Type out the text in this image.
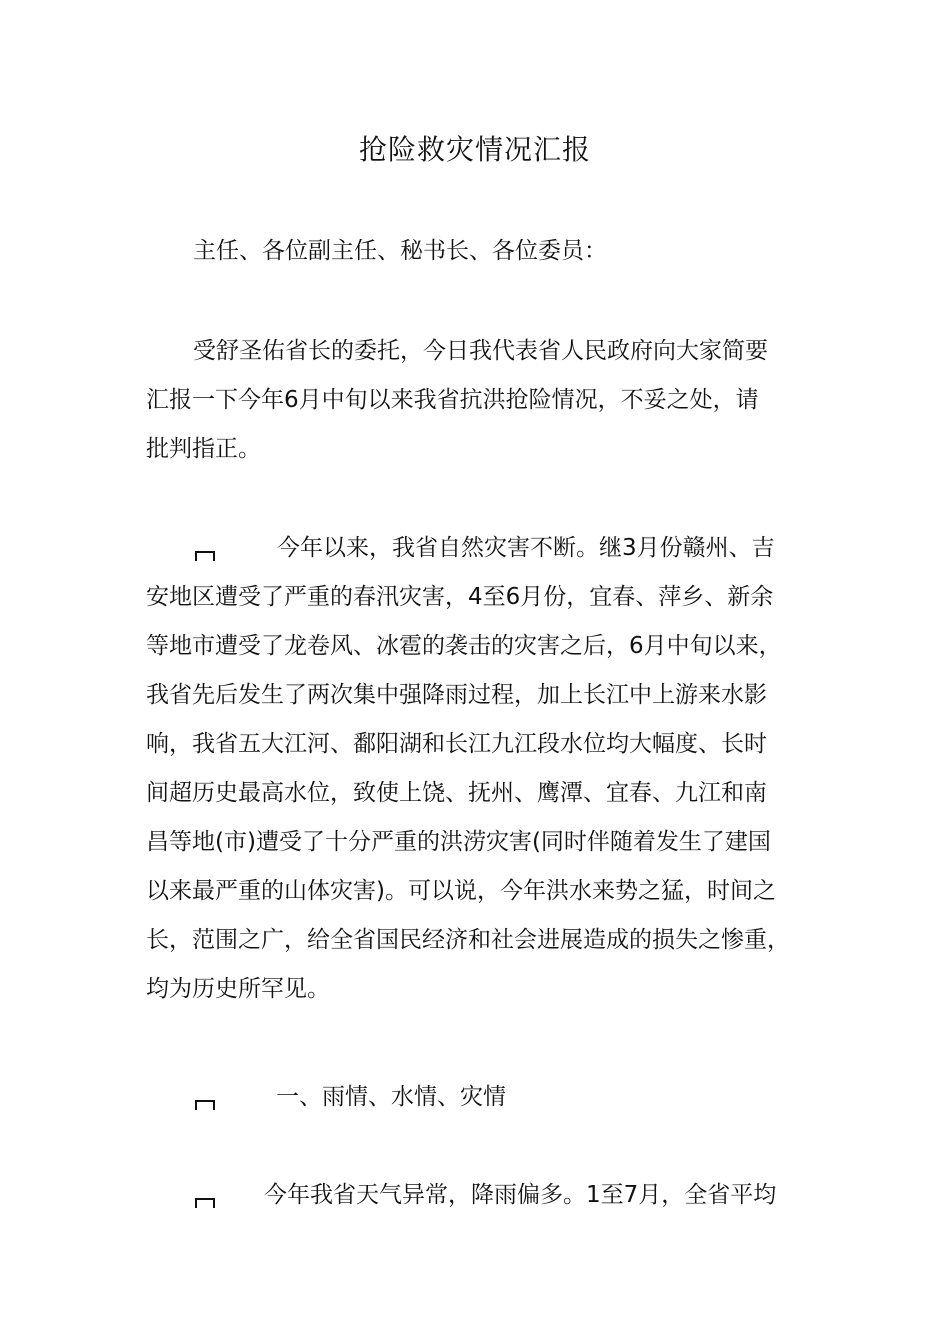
抢险救灾情况汇报
主任、各位副主任、秘书长、各位委员：
受舒圣佑省长的委托，今日我代表省人民政府向大家简要
汇报一下今年6月中旬以来我省抗洪抢险情况，不妥之处，请
批判指正。
今年以来，我省自然灾害不断。继3月份赣州、吉
安地区遭受了严重的春汛灾害，4至6月份，宜春、萍乡、新余
等地市遭受了龙卷风、冰雹的袭击的灾害之后，6月中旬以来，
我省先后发生了两次集中强降雨过程，加上长江中上游来水影
响，我省五大江河、鄱阳湖和长江九江段水位均大幅度、长时
间超历史最高水位，致使上饶、抚州、鹰潭、宜春、九江和南
昌等地(市)遭受了十分严重的洪涝灾害(同时伴随着发生了建国
以来最严重的山体灾害)。可以说，今年洪水来势之猛，时间之
长，范围之广，给全省国民经济和社会进展造成的损失之惨重，
均为历史所罕见。
一、雨情、水情、灾情
今年我省天气异常，降雨偏多。1至7月，全省平均
